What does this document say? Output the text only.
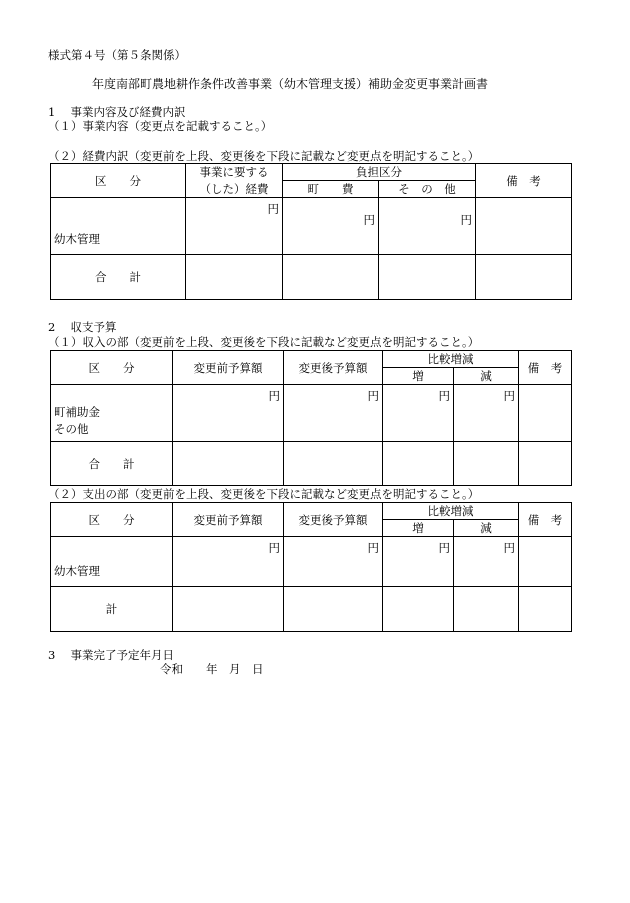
様式第４号（第５条関係）
年度南部町農地耕作条件改善事業（幼木管理支援）補助金変更事業計画書
1　 事業内容及び経費内訳
（１）事業内容（変更点を記載すること。）
（２）経費内訳（変更前を上段、変更後を下段に記載など変更点を明記すること。）
区　　分	事業に要する	負担区分		備　考
	（した）経費	町　　費	そ　の　他	
幼木管理	円	円	円	
合　　計				
2　 収支予算
（１）収入の部（変更前を上段、変更後を下段に記載など変更点を明記すること。）
区　　分	変更前予算額	変更後予算額	比較増減		備　考
			増	減	

町補助金
その他	円	円	円	円	
合　　計					
（２）支出の部（変更前を上段、変更後を下段に記載など変更点を明記すること。）
区　　分	変更前予算額	変更後予算額	比較増減		備　考
			増	減	
幼木管理	円	円	円	円	
計					
3　 事業完了予定年月日
令和　　年　月　日
